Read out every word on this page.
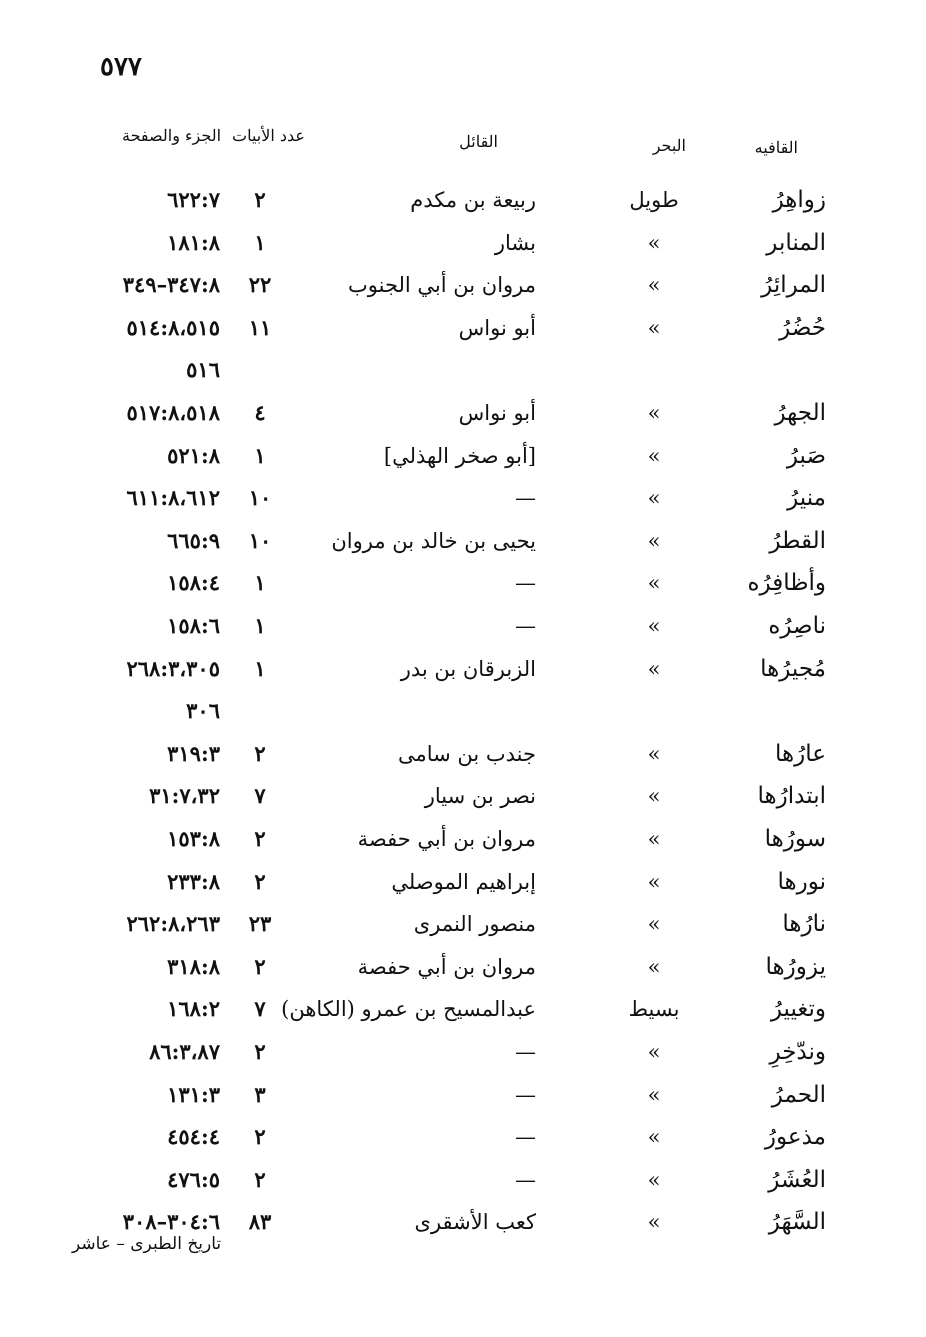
٥٧٧
القافيه
البحر
القائل
عدد الأبيات
الجزء والصفحة
زواهِرُ
طويل
ربيعة بن مكدم
٢
٦٢٢:٧
المنابر
»
بشار
١
١٨١:٨
المرائِرُ
»
مروان بن أبي الجنوب
٢٢
٣٤٧:٨–٣٤٩
حُضُرُ
»
أبو نواس
١١
٥١٤:٨،٥١٥
٥١٦
الجهرُ
»
أبو نواس
٤
٥١٧:٨،٥١٨
صَبرُ
»
[أبو صخر الهذلي]
١
٥٢١:٨
منيرُ
»
—
١٠
٦١١:٨،٦١٢
القطرُ
»
يحيى بن خالد بن مروان
١٠
٦٦٥:٩
وأظافِرُه
»
—
١
١٥٨:٤
ناصِرُه
»
—
١
١٥٨:٦
مُجيرُها
»
الزبرقان بن بدر
١
٢٦٨:٣،٣٠٥
٣٠٦
عارُها
»
جندب بن سامى
٢
٣١٩:٣
ابتدارُها
»
نصر بن سيار
٧
٣١:٧،٣٢
سورُها
»
مروان بن أبي حفصة
٢
١٥٣:٨
نورها
»
إبراهيم الموصلي
٢
٢٣٣:٨
نارُها
»
منصور النمرى
٢٣
٢٦٢:٨،٢٦٣
يزورُها
»
مروان بن أبي حفصة
٢
٣١٨:٨
وتغييرُ
بسيط
عبدالمسيح بن عمرو (الكاهن)
٧
١٦٨:٢
وندّخِرِ
»
—
٢
٨٦:٣،٨٧
الحمرُ
»
—
٣
١٣١:٣
مذعورُ
»
—
٢
٤٥٤:٤
العُشَرُ
»
—
٢
٤٧٦:٥
السَّهَرُ
»
كعب الأشقرى
٨٣
٣٠٤:٦–٣٠٨
تاريخ الطبرى – عاشر
